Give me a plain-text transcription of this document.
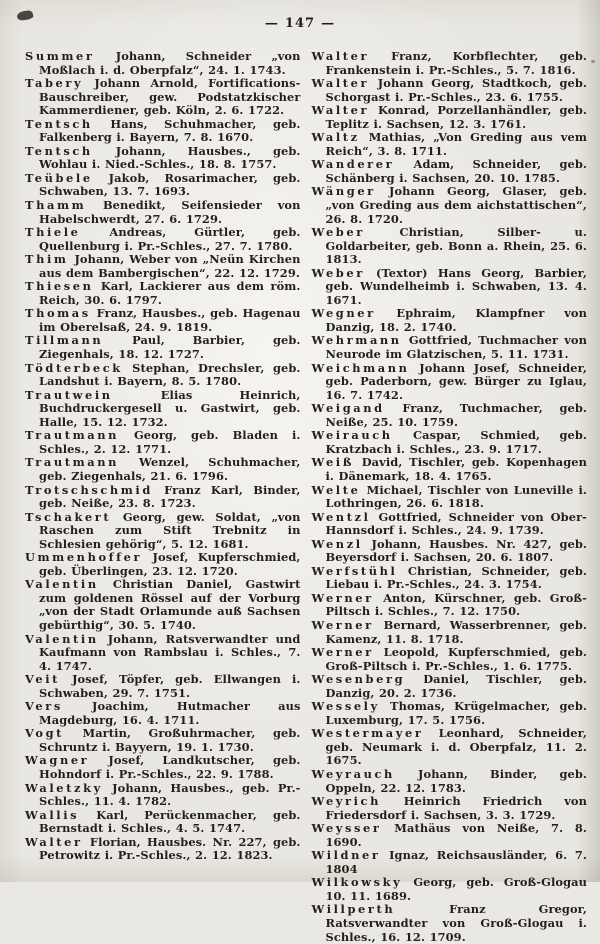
— 147 —
Summer Johann, Schneider „von Moßlach i. d. Oberpfalz“, 24. 1. 1743.
Tabery Johann Arnold, Fortifications-Bauschreiber, gew. Podstatzkischer Kammerdiener, geb. Köln, 2. 6. 1722.
Tentsch Hans, Schuhmacher, geb. Falkenberg i. Bayern, 7. 8. 1670.
Tentsch Johann, Hausbes., geb. Wohlau i. Nied.-Schles., 18. 8. 1757.
Teübele Jakob, Rosarimacher, geb. Schwaben, 13. 7. 1693.
Thamm Benedikt, Seifensieder von Habelschwerdt, 27. 6. 1729.
Thiele Andreas, Gürtler, geb. Quellenburg i. Pr.-Schles., 27. 7. 1780.
Thim Johann, Weber von „Neün Kirchen aus dem Bambergischen“, 22. 12. 1729.
Thiesen Karl, Lackierer aus dem röm. Reich, 30. 6. 1797.
Thomas Franz, Hausbes., geb. Hagenau im Oberelsaß, 24. 9. 1819.
Tillmann Paul, Barbier, geb. Ziegenhals, 18. 12. 1727.
Tödterbeck Stephan, Drechsler, geb. Landshut i. Bayern, 8. 5. 1780.
Trautwein Elias Heinrich, Buchdruckergesell u. Gastwirt, geb. Halle, 15. 12. 1732.
Trautmann Georg, geb. Bladen i. Schles., 2. 12. 1771.
Trautmann Wenzel, Schuhmacher, geb. Ziegenhals, 21. 6. 1796.
Trotschschmid Franz Karl, Binder, geb. Neiße, 23. 8. 1723.
Tschakert Georg, gew. Soldat, „von Raschen zum Stift Trebnitz in Schlesien gehörig“, 5. 12. 1681.
Ummenhoffer Josef, Kupferschmied, geb. Überlingen, 23. 12. 1720.
Valentin Christian Daniel, Gastwirt zum goldenen Rössel auf der Vorburg „von der Stadt Orlamunde auß Sachsen gebürthig“, 30. 5. 1740.
Valentin Johann, Ratsverwandter und Kaufmann von Rambslau i. Schles., 7. 4. 1747.
Veit Josef, Töpfer, geb. Ellwangen i. Schwaben, 29. 7. 1751.
Vers Joachim, Hutmacher aus Magdeburg, 16. 4. 1711.
Vogt Martin, Großuhrmacher, geb. Schruntz i. Bayyern, 19. 1. 1730.
Wagner Josef, Landkutscher, geb. Hohndorf i. Pr.-Schles., 22. 9. 1788.
Waletzky Johann, Hausbes., geb. Pr.-Schles., 11. 4. 1782.
Wallis Karl, Perückenmacher, geb. Bernstadt i. Schles., 4. 5. 1747.
Walter Florian, Hausbes. Nr. 227, geb. Petrowitz i. Pr.-Schles., 2. 12. 1823.
Walter Franz, Korbflechter, geb. Frankenstein i. Pr.-Schles., 5. 7. 1816.
Walter Johann Georg, Stadtkoch, geb. Schorgast i. Pr.-Schles., 23. 6. 1755.
Walter Konrad, Porzellanhändler, geb. Teplitz i. Sachsen, 12. 3. 1761.
Waltz Mathias, „Von Greding aus vem Reich“, 3. 8. 1711.
Wanderer Adam, Schneider, geb. Schänberg i. Sachsen, 20. 10. 1785.
Wänger Johann Georg, Glaser, geb. „von Greding aus dem aichstattischen“, 26. 8. 1720.
Weber Christian, Silber- u. Goldarbeiter, geb. Bonn a. Rhein, 25. 6. 1813.
Weber (Textor) Hans Georg, Barbier, geb. Wundelheimb i. Schwaben, 13. 4. 1671.
Wegner Ephraim, Klampfner von Danzig, 18. 2. 1740.
Wehrmann Gottfried, Tuchmacher von Neurode im Glatzischen, 5. 11. 1731.
Weichmann Johann Josef, Schneider, geb. Paderborn, gew. Bürger zu Iglau, 16. 7. 1742.
Weigand Franz, Tuchmacher, geb. Neiße, 25. 10. 1759.
Weirauch Caspar, Schmied, geb. Kratzbach i. Schles., 23. 9. 1717.
Weiß David, Tischler, geb. Kopenhagen i. Dänemark, 18. 4. 1765.
Welte Michael, Tischler von Luneville i. Lothringen, 26. 6. 1818.
Wentzl Gottfried, Schneider von Ober-Hannsdorf i. Schles., 24. 9. 1739.
Wenzl Johann, Hausbes. Nr. 427, geb. Beyersdorf i. Sachsen, 20. 6. 1807.
Werfstühl Christian, Schneider, geb. Liebau i. Pr.-Schles., 24. 3. 1754.
Werner Anton, Kürschner, geb. Groß-Piltsch i. Schles., 7. 12. 1750.
Werner Bernard, Wasserbrenner, geb. Kamenz, 11. 8. 1718.
Werner Leopold, Kupferschmied, geb. Groß-Piltsch i. Pr.-Schles., 1. 6. 1775.
Wesenberg Daniel, Tischler, geb. Danzig, 20. 2. 1736.
Wessely Thomas, Krügelmacher, geb. Luxemburg, 17. 5. 1756.
Westermayer Leonhard, Schneider, geb. Neumark i. d. Oberpfalz, 11. 2. 1675.
Weyrauch Johann, Binder, geb. Oppeln, 22. 12. 1783.
Weyrich Heinrich Friedrich von Friedersdorf i. Sachsen, 3. 3. 1729.
Weysser Mathäus von Neiße, 7. 8. 1690.
Wildner Ignaz, Reichsausländer, 6. 7. 1804
Wilkowsky Georg, geb. Groß-Glogau 10. 11. 1689.
Willperth Franz Gregor, Ratsverwandter von Groß-Glogau i. Schles., 16. 12. 1709.
